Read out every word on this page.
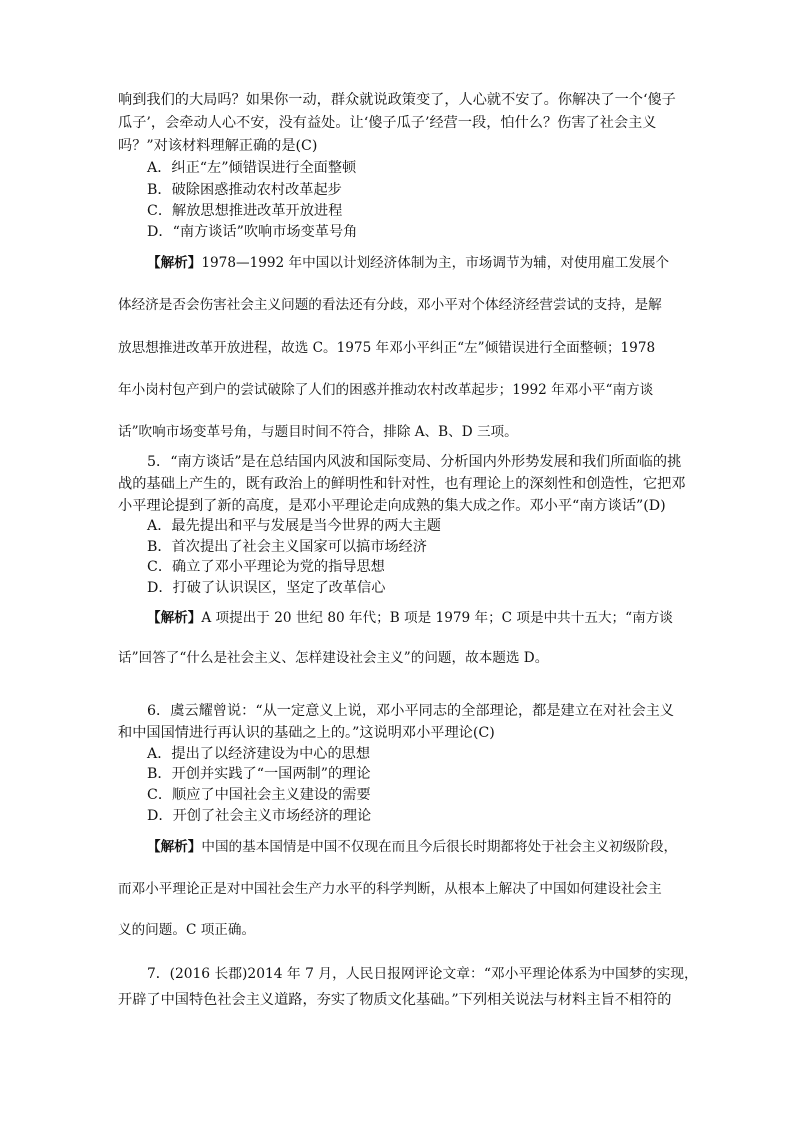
响到我们的大局吗？如果你一动，群众就说政策变了，人心就不安了。你解决了一个‘傻子
瓜子’，会牵动人心不安，没有益处。让‘傻子瓜子’经营一段，怕什么？伤害了社会主义
吗？”对该材料理解正确的是(C)
A．纠正“左”倾错误进行全面整顿
B．破除困惑推动农村改革起步
C．解放思想推进改革开放进程
D．“南方谈话”吹响市场变革号角
【解析】1978—1992 年中国以计划经济体制为主，市场调节为辅，对使用雇工发展个
体经济是否会伤害社会主义问题的看法还有分歧，邓小平对个体经济经营尝试的支持，是解
放思想推进改革开放进程，故选 C。1975 年邓小平纠正“左”倾错误进行全面整顿；1978
年小岗村包产到户的尝试破除了人们的困惑并推动农村改革起步；1992 年邓小平“南方谈
话”吹响市场变革号角，与题目时间不符合，排除 A、B、D 三项。
5．“南方谈话”是在总结国内风波和国际变局、分析国内外形势发展和我们所面临的挑
战的基础上产生的，既有政治上的鲜明性和针对性，也有理论上的深刻性和创造性，它把邓
小平理论提到了新的高度，是邓小平理论走向成熟的集大成之作。邓小平“南方谈话”(D)
A．最先提出和平与发展是当今世界的两大主题
B．首次提出了社会主义国家可以搞市场经济
C．确立了邓小平理论为党的指导思想
D．打破了认识误区，坚定了改革信心
【解析】A 项提出于 20 世纪 80 年代；B 项是 1979 年；C 项是中共十五大；“南方谈
话”回答了“什么是社会主义、怎样建设社会主义”的问题，故本题选 D。
6．虞云耀曾说：“从一定意义上说，邓小平同志的全部理论，都是建立在对社会主义
和中国国情进行再认识的基础之上的。”这说明邓小平理论(C)
A．提出了以经济建设为中心的思想
B．开创并实践了“一国两制”的理论
C．顺应了中国社会主义建设的需要
D．开创了社会主义市场经济的理论
【解析】中国的基本国情是中国不仅现在而且今后很长时期都将处于社会主义初级阶段，
而邓小平理论正是对中国社会生产力水平的科学判断，从根本上解决了中国如何建设社会主
义的问题。C 项正确。
7．(2016 长郡)2014 年 7 月，人民日报网评论文章：“邓小平理论体系为中国梦的实现，
开辟了中国特色社会主义道路，夯实了物质文化基础。”下列相关说法与材料主旨不相符的
